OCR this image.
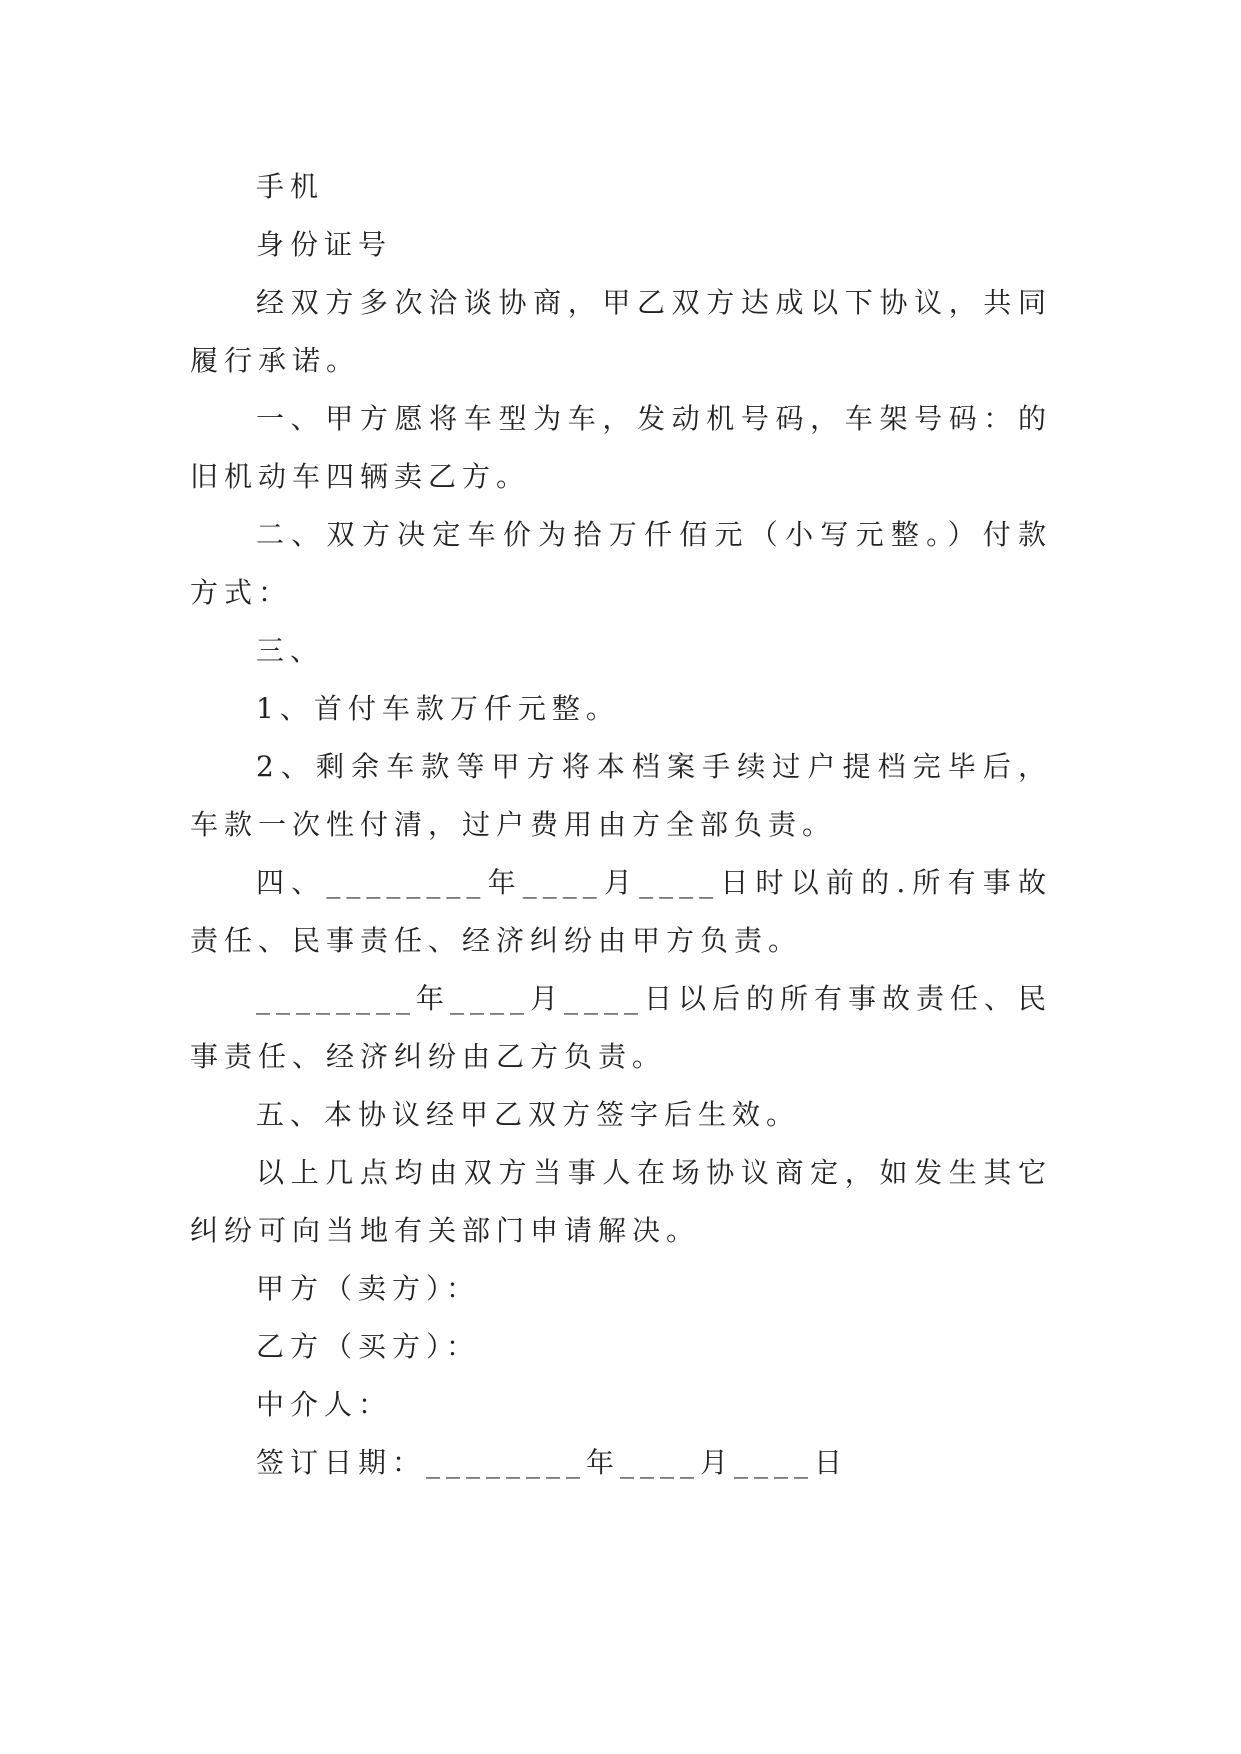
手机

身份证号

经双方多次洽谈协商，甲乙双方达成以下协议，共同履行承诺。

一、甲方愿将车型为车，发动机号码，车架号码：的旧机动车四辆卖乙方。

二、双方决定车价为拾万仟佰元（小写元整。）付款方式：

三、

1、首付车款万仟元整。

2、剩余车款等甲方将本档案手续过户提档完毕后，车款一次性付清，过户费用由方全部负责。

四、________年____月____日时以前的.所有事故责任、民事责任、经济纠纷由甲方负责。

________年____月____日以后的所有事故责任、民事责任、经济纠纷由乙方负责。

五、本协议经甲乙双方签字后生效。

以上几点均由双方当事人在场协议商定，如发生其它纠纷可向当地有关部门申请解决。

甲方（卖方）：

乙方（买方）：

中介人：

签订日期：________年____月____日
